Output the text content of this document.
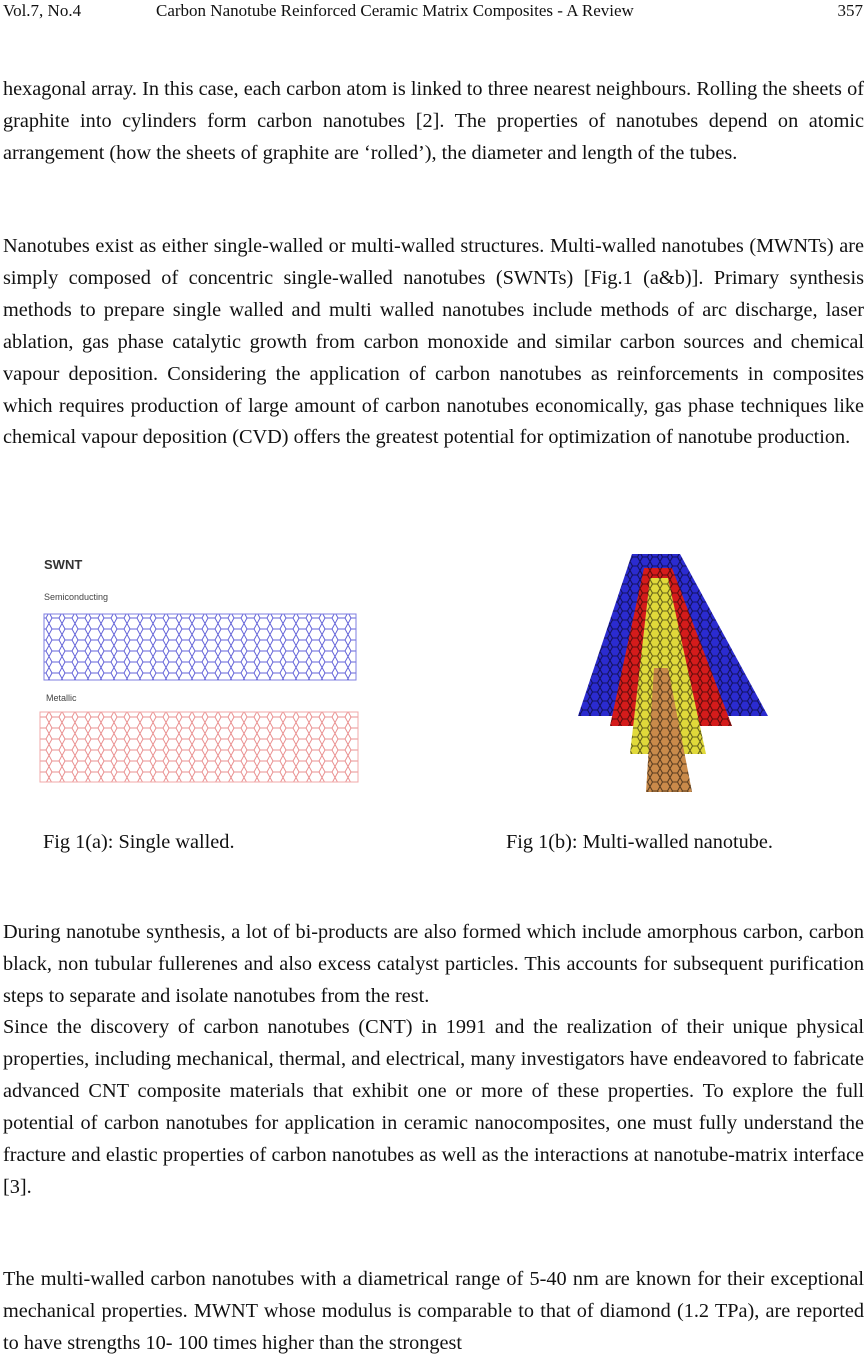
Vol.7, No.4	Carbon Nanotube Reinforced Ceramic Matrix Composites - A Review	357

hexagonal array. In this case, each carbon atom is linked to three nearest neighbours. Rolling the sheets of graphite into cylinders form carbon nanotubes [2]. The properties of nanotubes depend on atomic arrangement (how the sheets of graphite are ‘rolled’), the diameter and length of the tubes.

Nanotubes exist as either single-walled or multi-walled structures. Multi-walled nanotubes (MWNTs) are simply composed of concentric single-walled nanotubes (SWNTs) [Fig.1 (a&b)]. Primary synthesis methods to prepare single walled and multi walled nanotubes include methods of arc discharge, laser ablation, gas phase catalytic growth from carbon monoxide and similar carbon sources and chemical vapour deposition. Considering the application of carbon nanotubes as reinforcements in composites which requires production of large amount of carbon nanotubes economically, gas phase techniques like chemical vapour deposition (CVD) offers the greatest potential for optimization of nanotube production.

SWNT
Semiconducting
Metallic
Fig 1(a): Single walled.	Fig 1(b): Multi-walled nanotube.

During nanotube synthesis, a lot of bi-products are also formed which include amorphous carbon, carbon black, non tubular fullerenes and also excess catalyst particles. This accounts for subsequent purification steps to separate and isolate nanotubes from the rest.

Since the discovery of carbon nanotubes (CNT) in 1991 and the realization of their unique physical properties, including mechanical, thermal, and electrical, many investigators have endeavored to fabricate advanced CNT composite materials that exhibit one or more of these properties. To explore the full potential of carbon nanotubes for application in ceramic nanocomposites, one must fully understand the fracture and elastic properties of carbon nanotubes as well as the interactions at nanotube-matrix interface [3].

The multi-walled carbon nanotubes with a diametrical range of 5-40 nm are known for their exceptional mechanical properties. MWNT whose modulus is comparable to that of diamond (1.2 TPa), are reported to have strengths 10- 100 times higher than the strongest
